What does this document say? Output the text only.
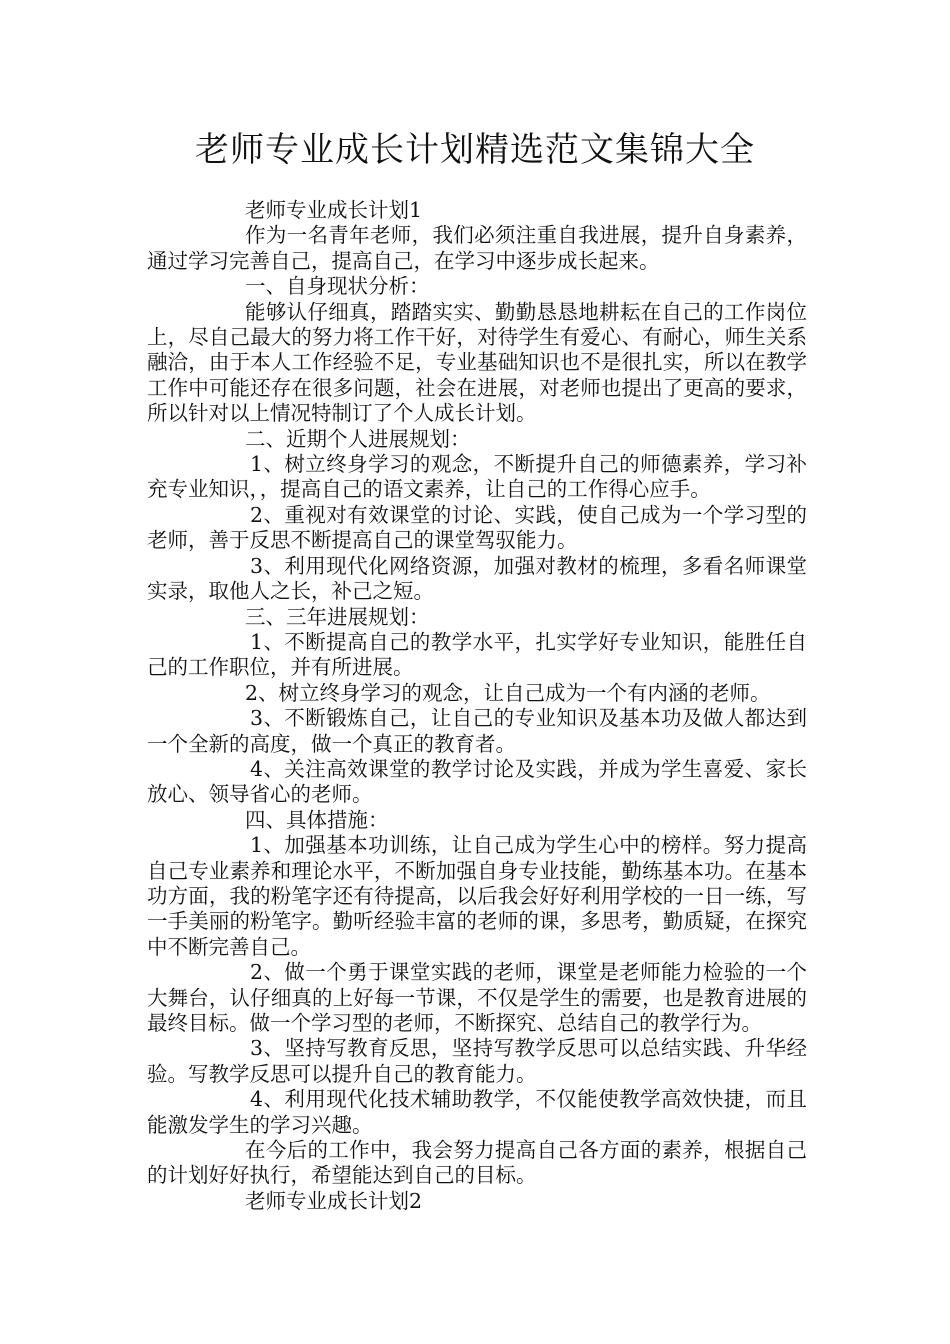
老师专业成长计划精选范文集锦大全

老师专业成长计划1

作为一名青年老师，我们必须注重自我进展，提升自身素养，通过学习完善自己，提高自己，在学习中逐步成长起来。

一、自身现状分析：

能够认仔细真，踏踏实实、勤勤恳恳地耕耘在自己的工作岗位上，尽自己最大的努力将工作干好，对待学生有爱心、有耐心，师生关系融洽，由于本人工作经验不足，专业基础知识也不是很扎实，所以在教学工作中可能还存在很多问题，社会在进展，对老师也提出了更高的要求，所以针对以上情况特制订了个人成长计划。

二、近期个人进展规划：

1、树立终身学习的观念，不断提升自己的师德素养，学习补充专业知识，，提高自己的语文素养，让自己的工作得心应手。

2、重视对有效课堂的讨论、实践，使自己成为一个学习型的老师，善于反思不断提高自己的课堂驾驭能力。

3、利用现代化网络资源，加强对教材的梳理，多看名师课堂实录，取他人之长，补己之短。

三、三年进展规划：

1、不断提高自己的教学水平，扎实学好专业知识，能胜任自己的工作职位，并有所进展。

2、树立终身学习的观念，让自己成为一个有内涵的老师。

3、不断锻炼自己，让自己的专业知识及基本功及做人都达到一个全新的高度，做一个真正的教育者。

4、关注高效课堂的教学讨论及实践，并成为学生喜爱、家长放心、领导省心的老师。

四、具体措施：

1、加强基本功训练，让自己成为学生心中的榜样。努力提高自己专业素养和理论水平，不断加强自身专业技能，勤练基本功。在基本功方面，我的粉笔字还有待提高，以后我会好好利用学校的一日一练，写一手美丽的粉笔字。勤听经验丰富的老师的课，多思考，勤质疑，在探究中不断完善自己。

2、做一个勇于课堂实践的老师，课堂是老师能力检验的一个大舞台，认仔细真的上好每一节课，不仅是学生的需要，也是教育进展的最终目标。做一个学习型的老师，不断探究、总结自己的教学行为。

3、坚持写教育反思，坚持写教学反思可以总结实践、升华经验。写教学反思可以提升自己的教育能力。

4、利用现代化技术辅助教学，不仅能使教学高效快捷，而且能激发学生的学习兴趣。

在今后的工作中，我会努力提高自己各方面的素养，根据自己的计划好好执行，希望能达到自己的目标。

老师专业成长计划2
